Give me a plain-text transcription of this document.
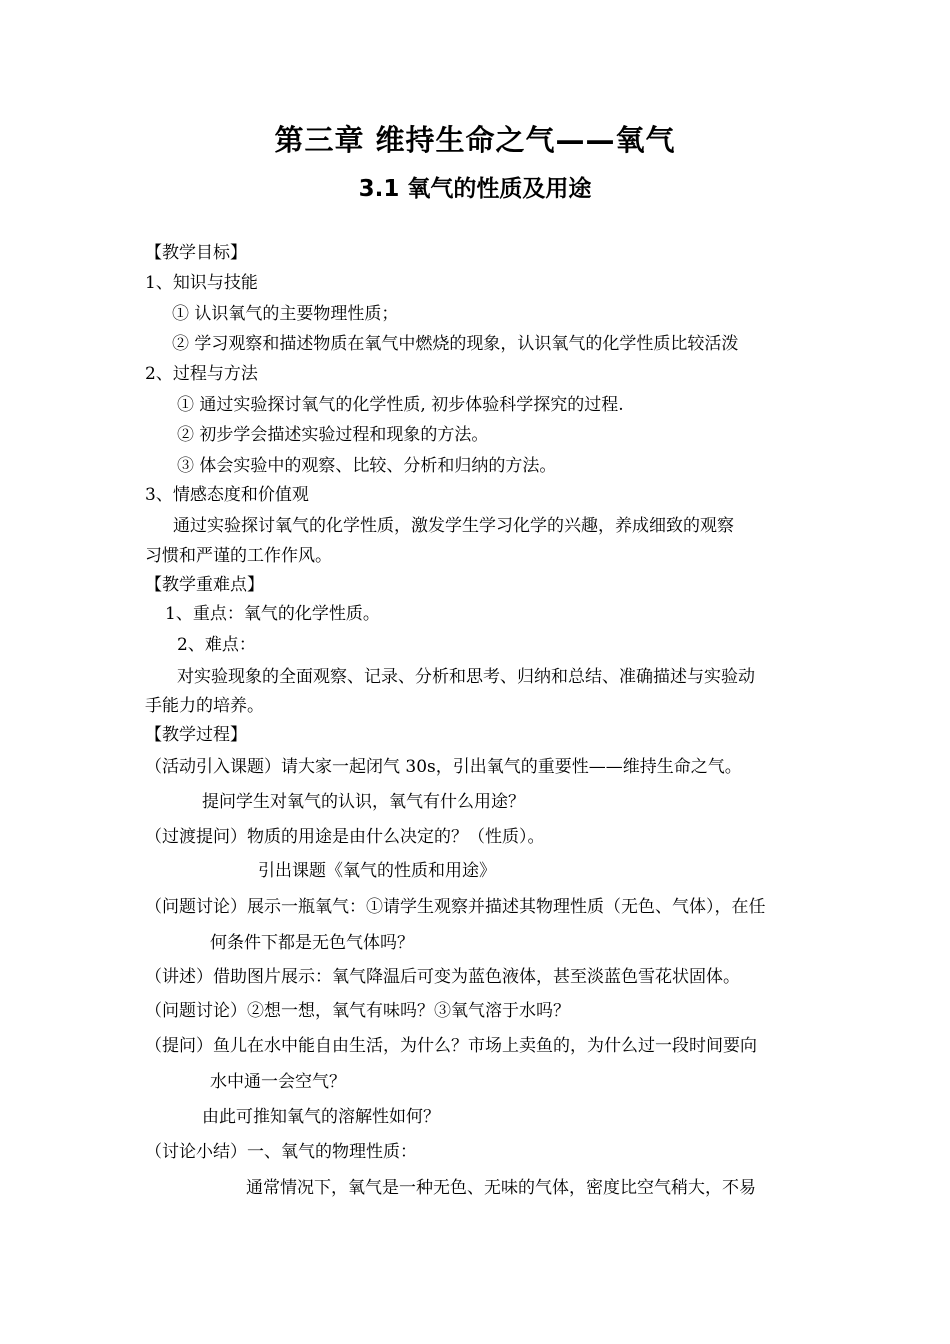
第三章 维持生命之气——氧气
3.1 氧气的性质及用途
【教学目标】
1、知识与技能
① 认识氧气的主要物理性质；
② 学习观察和描述物质在氧气中燃烧的现象，认识氧气的化学性质比较活泼
2、过程与方法
① 通过实验探讨氧气的化学性质, 初步体验科学探究的过程.
② 初步学会描述实验过程和现象的方法。
③ 体会实验中的观察、比较、分析和归纳的方法。
3、情感态度和价值观
通过实验探讨氧气的化学性质，激发学生学习化学的兴趣，养成细致的观察
习惯和严谨的工作作风。
【教学重难点】
1、重点：氧气的化学性质。
2、难点：
对实验现象的全面观察、记录、分析和思考、归纳和总结、准确描述与实验动
手能力的培养。
【教学过程】
（活动引入课题）请大家一起闭气 30s，引出氧气的重要性——维持生命之气。
提问学生对氧气的认识，氧气有什么用途？
（过渡提问）物质的用途是由什么决定的？（性质）。
引出课题《氧气的性质和用途》
（问题讨论）展示一瓶氧气：①请学生观察并描述其物理性质（无色、气体），在任
何条件下都是无色气体吗？
（讲述）借助图片展示：氧气降温后可变为蓝色液体，甚至淡蓝色雪花状固体。
（问题讨论）②想一想，氧气有味吗？③氧气溶于水吗？
（提问）鱼儿在水中能自由生活，为什么？市场上卖鱼的，为什么过一段时间要向
水中通一会空气？
由此可推知氧气的溶解性如何？
（讨论小结）一、氧气的物理性质：
通常情况下，氧气是一种无色、无味的气体，密度比空气稍大，不易
